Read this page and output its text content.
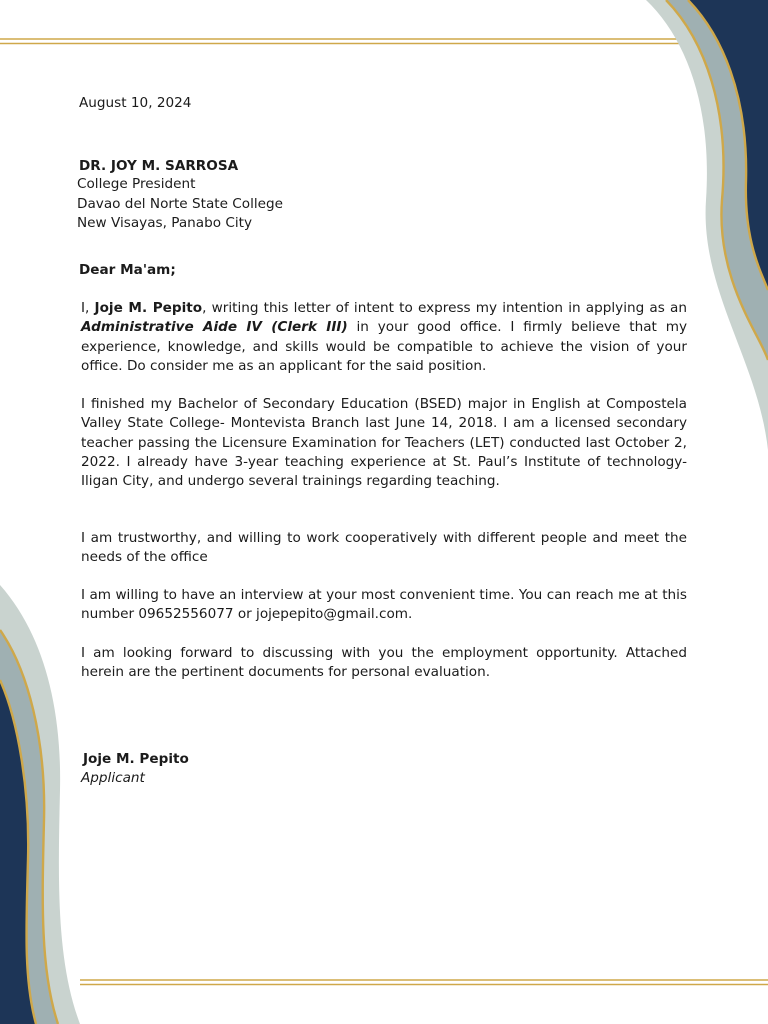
August 10, 2024
DR. JOY M. SARROSA
College President
Davao del Norte State College
New Visayas, Panabo City
Dear Ma'am;
I, Joje M. Pepito, writing this letter of intent to express my intention in applying as an Administrative Aide IV (Clerk III) in your good office. I firmly believe that my experience, knowledge, and skills would be compatible to achieve the vision of your office. Do consider me as an applicant for the said position.
I finished my Bachelor of Secondary Education (BSED) major in English at Compostela Valley State College- Montevista Branch last June 14, 2018. I am a licensed secondary teacher passing the Licensure Examination for Teachers (LET) conducted last October 2, 2022. I already have 3-year teaching experience at St. Paul’s Institute of technology- Iligan City, and undergo several trainings regarding teaching.
I am trustworthy, and willing to work cooperatively with different people and meet the needs of the office
I am willing to have an interview at your most convenient time. You can reach me at this number 09652556077 or jojepepito@gmail.com.
I am looking forward to discussing with you the employment opportunity. Attached herein are the pertinent documents for personal evaluation.
Joje M. Pepito
Applicant
